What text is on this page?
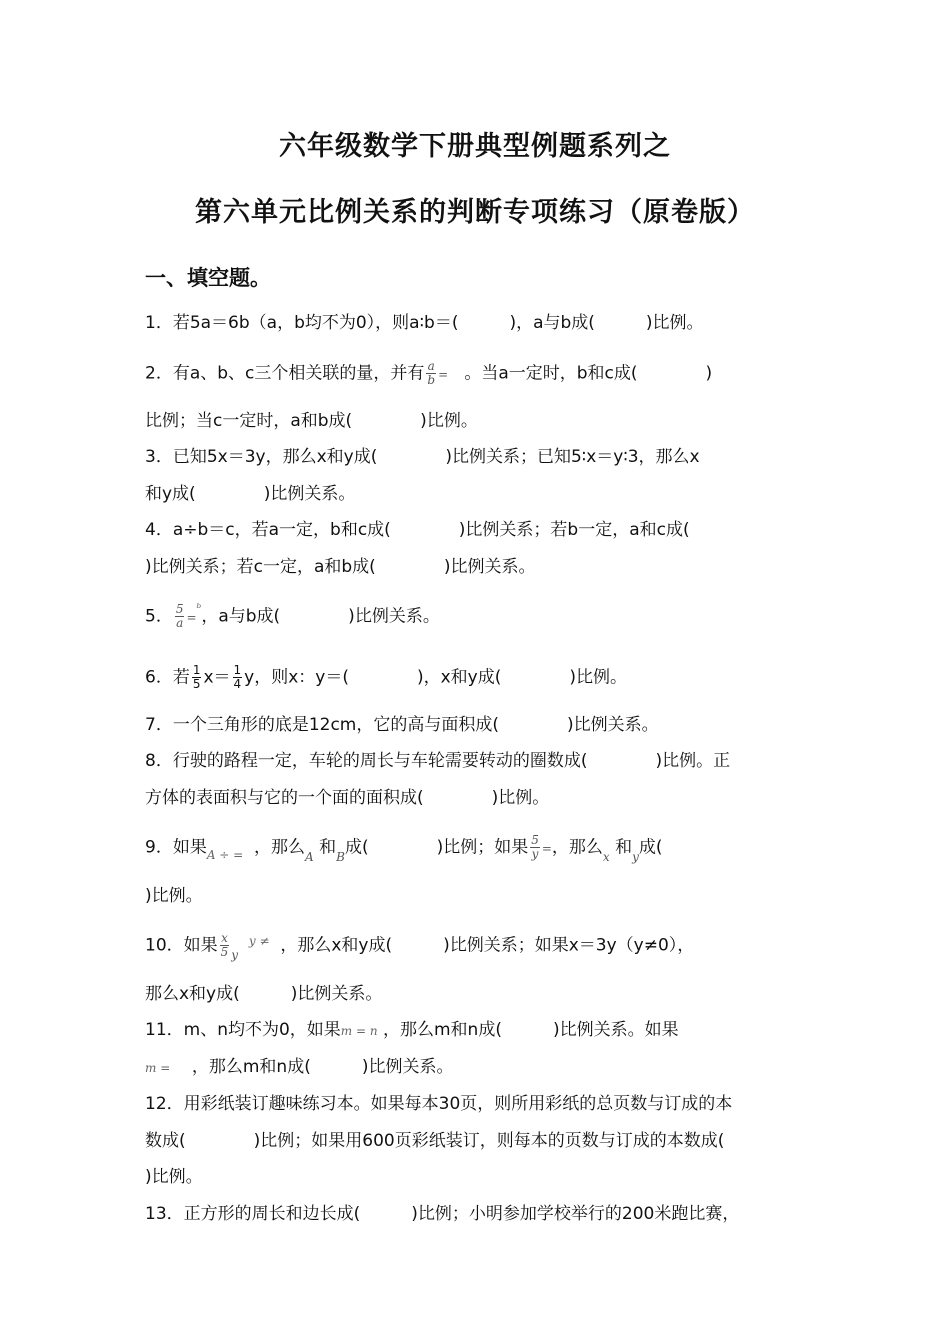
六年级数学下册典型例题系列之
第六单元比例关系的判断专项练习（原卷版）
一、填空题。
1．若5a＝6b（a，b均不为0），则a∶b＝(　　　)，a与b成(　　　)比例。
2．有a、b、c三个相关联的量，并有 $\frac{a}{b}$ = 。当a一定时，b和c成(　　　　)
比例；当c一定时，a和b成(　　　　)比例。
3．已知5x＝3y，那么x和y成(　　　　)比例关系；已知5∶x＝y∶3，那么x
和y成(　　　　)比例关系。
4．a÷b＝c，若a一定，b和c成(　　　　)比例关系；若b一定，a和c成(
)比例关系；若c一定，a和b成(　　　　)比例关系。
5． $\frac{5}{a} =^ᵇ$，a与b成(　　　　)比例关系。
6．若 $\frac{1}{5} x= \frac{1}{4}$ y，则x：y＝(　　　　)，x和y成(　　　　)比例。
7．一个三角形的底是12cm，它的高与面积成(　　　　)比例关系。
8．行驶的路程一定，车轮的周长与车轮需要转动的圈数成(　　　　)比例。正
方体的表面积与它的一个面的面积成(　　　　)比例。
9．如果$_{A \div =}$ ，那么$_A$ 和$_B$成(　　　　)比例；如果 $\frac{5}{y}$ =，那么$_x$ 和$_y$成(
)比例。
10．如果 $\frac{x}{5} _y$  $^{y \ne}$ ，那么x和y成(　　　)比例关系；如果x＝3y（y≠0），
那么x和y成(　　　)比例关系。
11．m、n均不为0，如果m = n ，那么m和n成(　　　)比例关系。如果
m = ，那么m和n成(　　　)比例关系。
12．用彩纸装订趣味练习本。如果每本30页，则所用彩纸的总页数与订成的本
数成(　　　　)比例；如果用600页彩纸装订，则每本的页数与订成的本数成(
)比例。
13．正方形的周长和边长成(　　　)比例；小明参加学校举行的200米跑比赛，
